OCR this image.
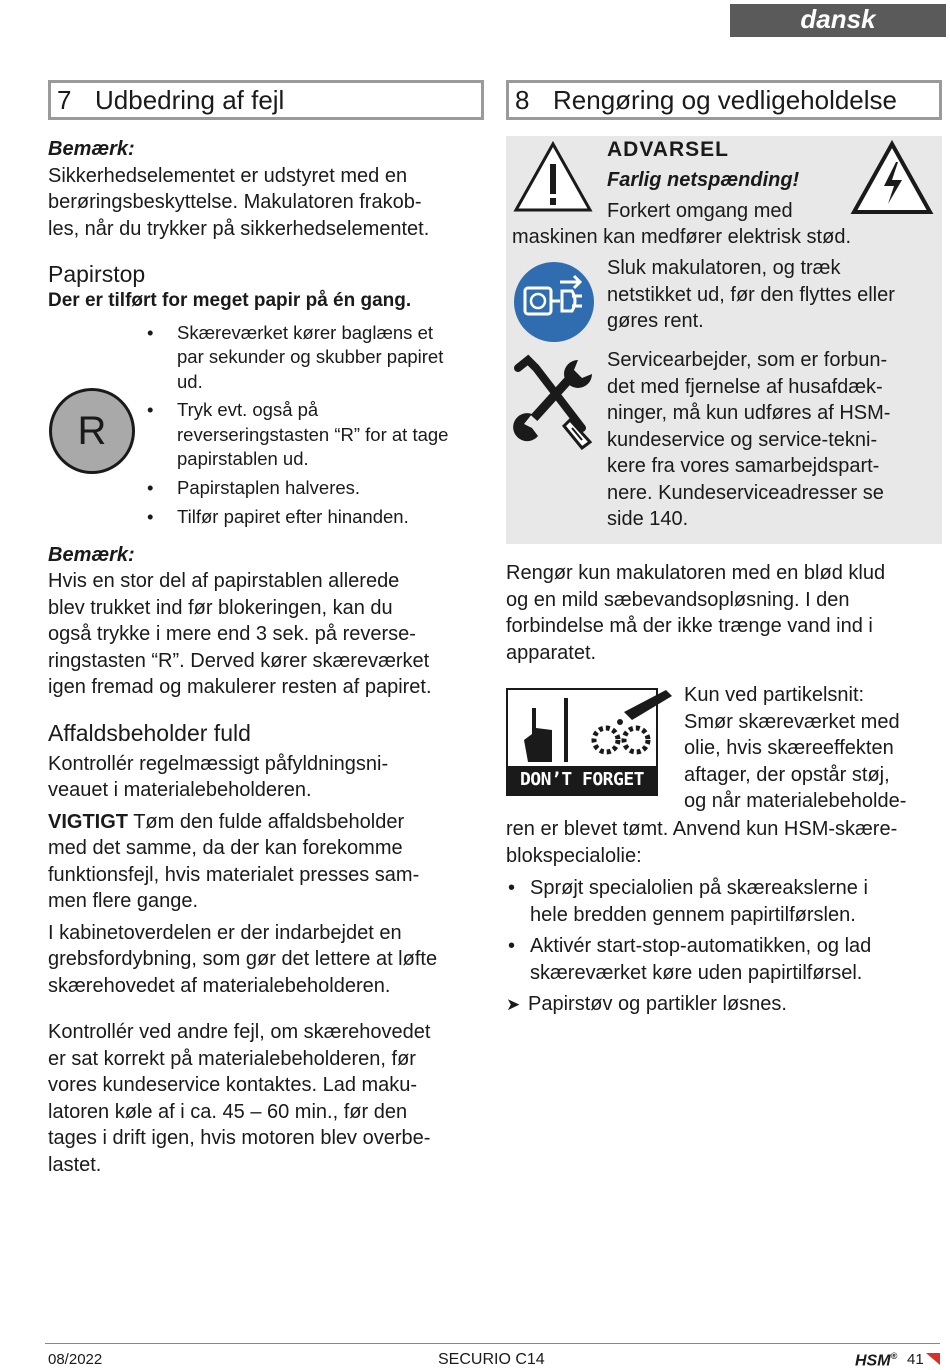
dansk
7 Udbedring af fejl
Bemærk:
Sikkerhedselementet er udstyret med en
berøringsbeskyttelse. Makulatoren frakob-
les, når du trykker på sikkerhedselementet.
Papirstop
Der er tilført for meget papir på én gang.
R
• Skæreværket kører baglæns et
par sekunder og skubber papiret
ud.
• Tryk evt. også på
reverseringstasten “R” for at tage
papirstablen ud.
• Papirstaplen halveres.
• Tilfør papiret efter hinanden.
Bemærk:
Hvis en stor del af papirstablen allerede
blev trukket ind før blokeringen, kan du
også trykke i mere end 3 sek. på reverse-
ringstasten “R”. Derved kører skæreværket
igen fremad og makulerer resten af papiret.
Affaldsbeholder fuld
Kontrollér regelmæssigt påfyldningsni-
veauet i materialebeholderen.
VIGTIGT Tøm den fulde affaldsbeholder
med det samme, da der kan forekomme
funktionsfejl, hvis materialet presses sam-
men flere gange.
I kabinetoverdelen er der indarbejdet en
grebsfordybning, som gør det lettere at løfte
skærehovedet af materialebeholderen.
Kontrollér ved andre fejl, om skærehovedet
er sat korrekt på materialebeholderen, før
vores kundeservice kontaktes. Lad maku-
latoren køle af i ca. 45 – 60 min., før den
tages i drift igen, hvis motoren blev overbe-
lastet.
8 Rengøring og vedligeholdelse
ADVARSEL
Farlig netspænding!
Forkert omgang med
maskinen kan medfører elektrisk stød.
Sluk makulatoren, og træk
netstikket ud, før den flyttes eller
gøres rent.
Servicearbejder, som er forbun-
det med fjernelse af husafdæk-
ninger, må kun udføres af HSM-
kundeservice og service-tekni-
kere fra vores samarbejdspart-
nere. Kundeserviceadresser se
side 140.
Rengør kun makulatoren med en blød klud
og en mild sæbevandsopløsning. I den
forbindelse må der ikke trænge vand ind i
apparatet.
DON’T FORGET
Kun ved partikelsnit:
Smør skæreværket med
olie, hvis skæreeffekten
aftager, der opstår støj,
og når materialebeholde-
ren er blevet tømt. Anvend kun HSM-skære-
blokspecialolie:
• Sprøjt specialolien på skæreakslerne i
hele bredden gennem papirtilførslen.
• Aktivér start-stop-automatikken, og lad
skæreværket køre uden papirtilførsel.
➤ Papirstøv og partikler løsnes.
08/2022	SECURIO C14	HSM® 41
